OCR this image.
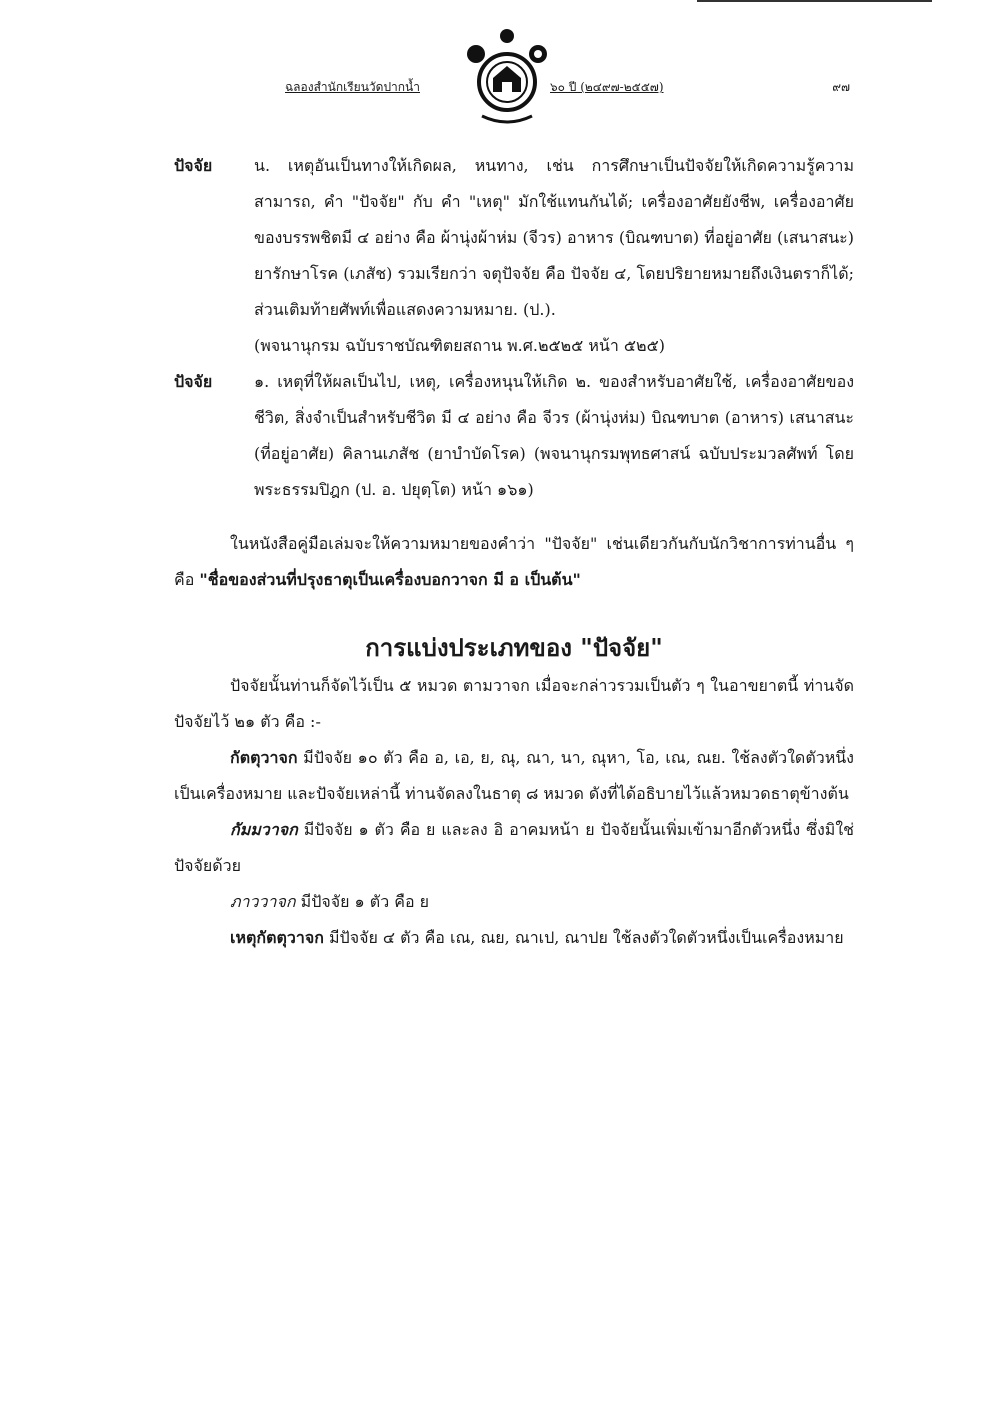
ฉลองสำนักเรียนวัดปากน้ำ	๖๐ ปี (๒๔๙๗-๒๕๕๗)	๙๗
ปัจจัย	น. เหตุอันเป็นทางให้เกิดผล, หนทาง, เช่น การศึกษาเป็นปัจจัยให้เกิดความรู้ความสามารถ, คำ "ปัจจัย" กับ คำ "เหตุ" มักใช้แทนกันได้; เครื่องอาศัยยังชีพ, เครื่องอาศัยของบรรพชิตมี ๔ อย่าง คือ ผ้านุ่งผ้าห่ม (จีวร) อาหาร (บิณฑบาต) ที่อยู่อาศัย (เสนาสนะ) ยารักษาโรค (เภสัช) รวมเรียกว่า จตุปัจจัย คือ ปัจจัย ๔, โดยปริยายหมายถึงเงินตราก็ได้; ส่วนเติมท้ายศัพท์เพื่อแสดงความหมาย. (ป.).
(พจนานุกรม ฉบับราชบัณฑิตยสถาน พ.ศ.๒๕๒๕ หน้า ๕๒๕)
ปัจจัย	๑. เหตุที่ให้ผลเป็นไป, เหตุ, เครื่องหนุนให้เกิด ๒. ของสำหรับอาศัยใช้, เครื่องอาศัยของชีวิต, สิ่งจำเป็นสำหรับชีวิต มี ๔ อย่าง คือ จีวร (ผ้านุ่งห่ม) บิณฑบาต (อาหาร) เสนาสนะ (ที่อยู่อาศัย) คิลานเภสัช (ยาบำบัดโรค) (พจนานุกรมพุทธศาสน์ ฉบับประมวลศัพท์ โดย พระธรรมปิฎก (ป. อ. ปยุตฺโต) หน้า ๑๖๑)

ในหนังสือคู่มือเล่มจะให้ความหมายของคำว่า "ปัจจัย" เช่นเดียวกันกับนักวิชาการท่านอื่น ๆ คือ "ชื่อของส่วนที่ปรุงธาตุเป็นเครื่องบอกวาจก มี อ เป็นต้น"

การแบ่งประเภทของ "ปัจจัย"

ปัจจัยนั้นท่านก็จัดไว้เป็น ๕ หมวด ตามวาจก เมื่อจะกล่าวรวมเป็นตัว ๆ ในอาขยาตนี้ ท่านจัดปัจจัยไว้ ๒๑ ตัว คือ :-

กัตตุวาจก มีปัจจัย ๑๐ ตัว คือ อ, เอ, ย, ณุ, ณา, นา, ณุหา, โอ, เณ, ณย. ใช้ลงตัวใดตัวหนึ่งเป็นเครื่องหมาย และปัจจัยเหล่านี้ ท่านจัดลงในธาตุ ๘ หมวด ดังที่ได้อธิบายไว้แล้วหมวดธาตุข้างต้น

กัมมวาจก มีปัจจัย ๑ ตัว คือ ย และลง อิ อาคมหน้า ย ปัจจัยนั้นเพิ่มเข้ามาอีกตัวหนึ่ง ซึ่งมิใช่ปัจจัยด้วย

ภาววาจก มีปัจจัย ๑ ตัว คือ ย

เหตุกัตตุวาจก มีปัจจัย ๔ ตัว คือ เณ, ณย, ณาเป, ณาปย ใช้ลงตัวใดตัวหนึ่งเป็นเครื่องหมาย
